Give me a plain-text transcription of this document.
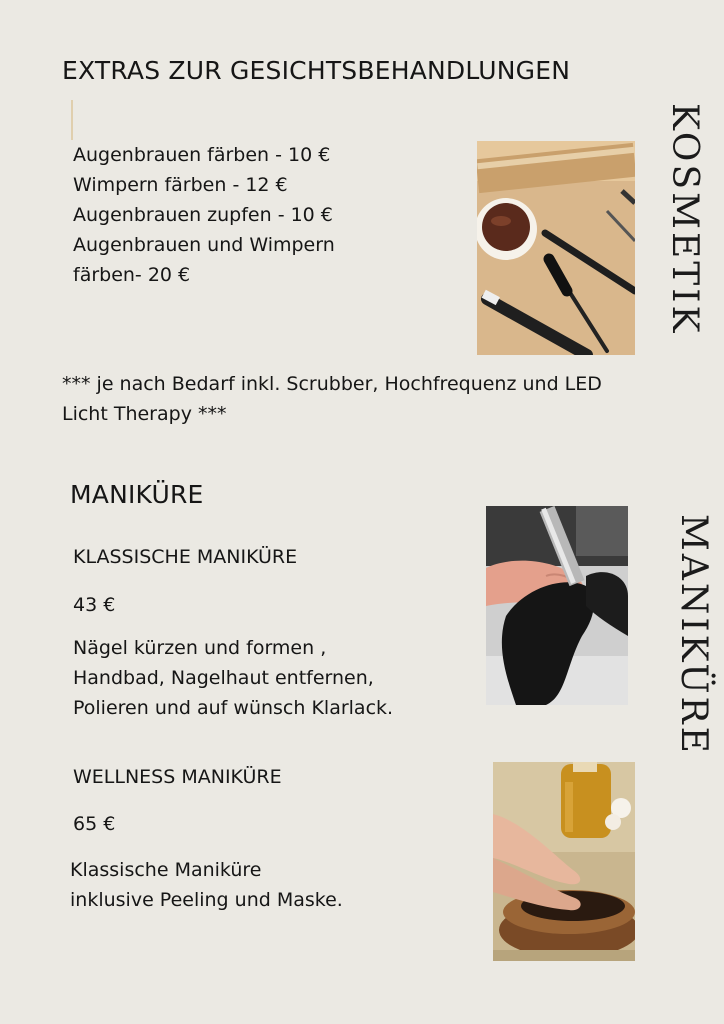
EXTRAS ZUR GESICHTSBEHANDLUNGEN
Augenbrauen färben - 10 €
Wimpern färben - 12 €
Augenbrauen zupfen - 10 €
Augenbrauen und Wimpern
färben- 20 €	KOSMETIK
*** je nach Bedarf inkl. Scrubber, Hochfrequenz und LED
Licht Therapy ***
MANIKÜRE
KLASSISCHE MANIKÜRE
43 €
Nägel kürzen und formen ,
Handbad, Nagelhaut entfernen,
Polieren und auf wünsch Klarlack.	MANIKÜRE
WELLNESS MANIKÜRE
65 €
Klassische Maniküre
inklusive Peeling und Maske.
